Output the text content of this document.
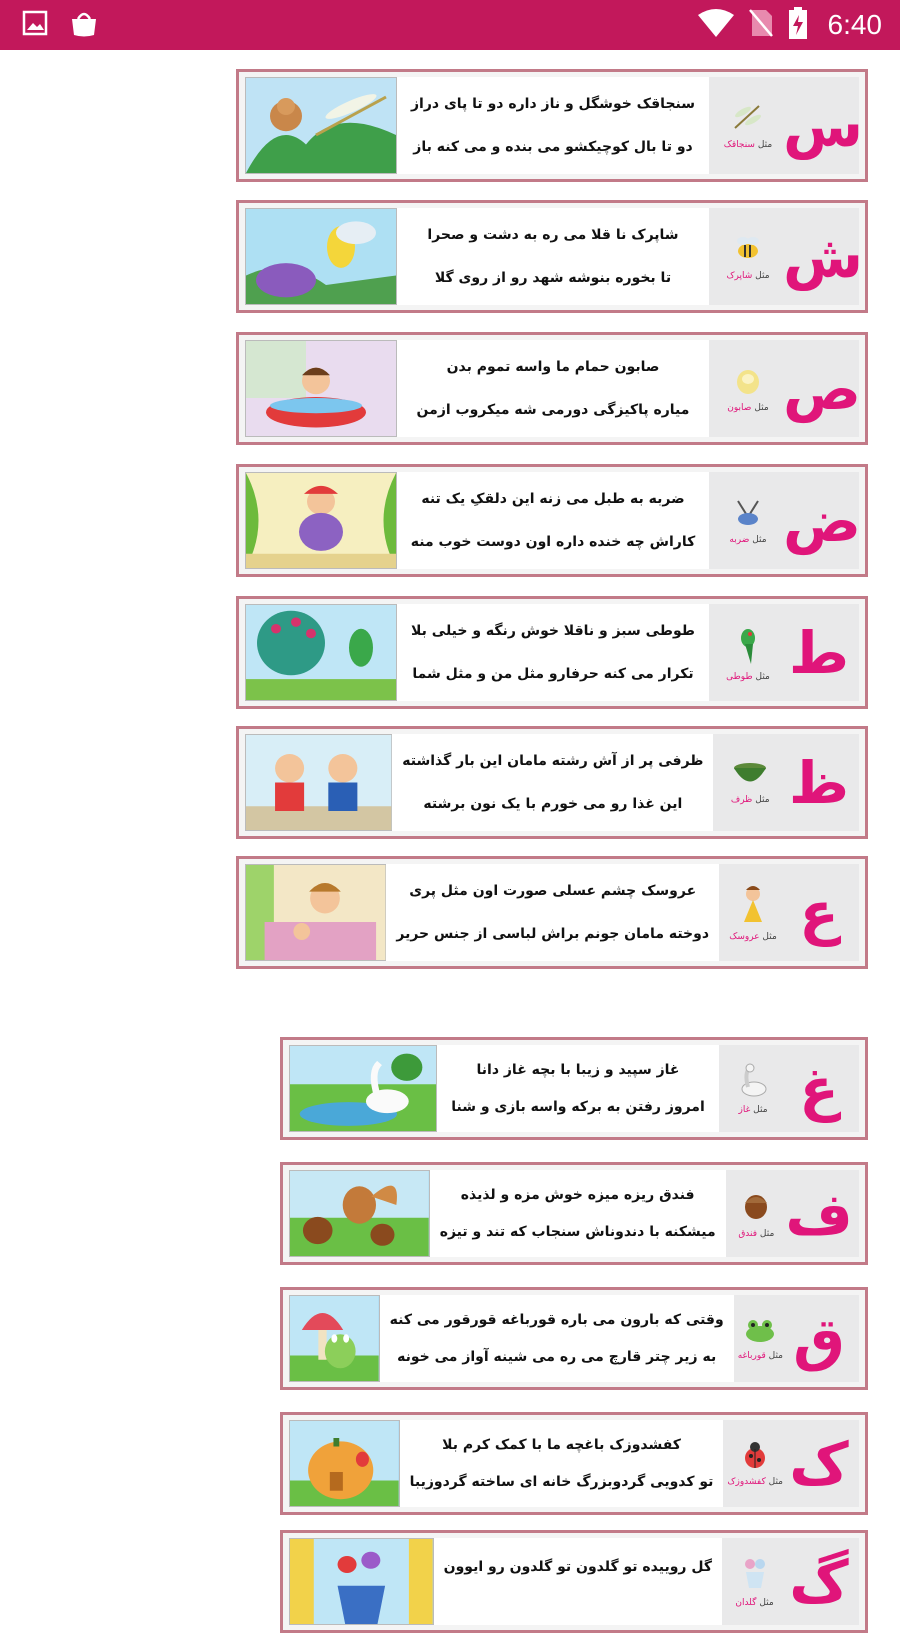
6:40
س
مثل سنجاقک
سنجاقک خوشگل و ناز داره دو تا پای دراز
دو تا بال کوچیکشو می بنده و می کنه باز
ش
مثل شاپرک
شاپرک نا قلا می ره به دشت و صحرا
تا بخوره بنوشه شهد رو از روی گلا
ص
مثل صابون
صابون حمام ما واسه تموم بدن
میاره پاکیزگی دورمی شه میکروب ازمن
ض
مثل ضربه
ضربه به طبل می زنه این دلقکِ یک تنه
کاراش چه خنده داره اون دوست خوب منه
ط
مثل طوطی
طوطی سبز و ناقلا خوش رنگه و خیلی بلا
تکرار می کنه حرفارو مثل من و مثل شما
ظ
مثل ظرف
ظرفی پر از آش رشته مامان این بار گذاشته
این غذا رو می خورم با یک نون برشته
ع
مثل عروسک
عروسک چشم عسلی صورت اون مثل پری
دوخته مامان جونم براش لباسی از جنس حریر
غ
مثل غاز
غاز سپید و زیبا با بچه غاز دانا
امروز رفتن به برکه واسه بازی و شنا
ف
مثل فندق
فندق ریزه میزه خوش مزه و لذیذه
میشکنه با دندوناش سنجاب که تند و تیزه
ق
مثل قورباغه
وقتی که بارون می باره قورباغه قورقور می کنه
به زیر چتر قارچ می ره می شینه آواز می خونه
ک
مثل کفشدوزک
کفشدوزک باغچه ما با کمک کرم بلا
تو کدویی گردوبزرگ خانه ای ساخته گردوزیبا
گ
مثل گلدان
گل روییده تو گلدون تو گلدون رو ایوون
